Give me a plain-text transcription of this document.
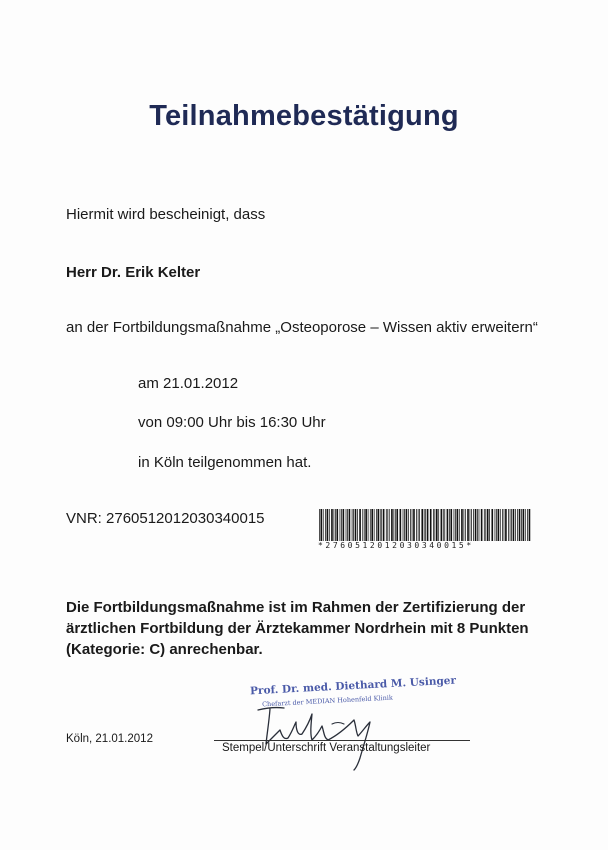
Teilnahmebestätigung
Hiermit wird bescheinigt, dass
Herr Dr. Erik Kelter
an der Fortbildungsmaßnahme „Osteoporose – Wissen aktiv erweitern“
am 21.01.2012
von 09:00 Uhr bis 16:30 Uhr
in Köln teilgenommen hat.
VNR: 2760512012030340015
*2760512012030340015*
Die Fortbildungsmaßnahme ist im Rahmen der Zertifizierung der ärztlichen Fortbildung der Ärztekammer Nordrhein mit 8 Punkten (Kategorie: C) anrechenbar.
Prof. Dr. med. Diethard M. Usinger
Chefarzt der MEDIAN Hohenfeld Klinik
Köln, 21.01.2012
Stempel/Unterschrift Veranstaltungsleiter
